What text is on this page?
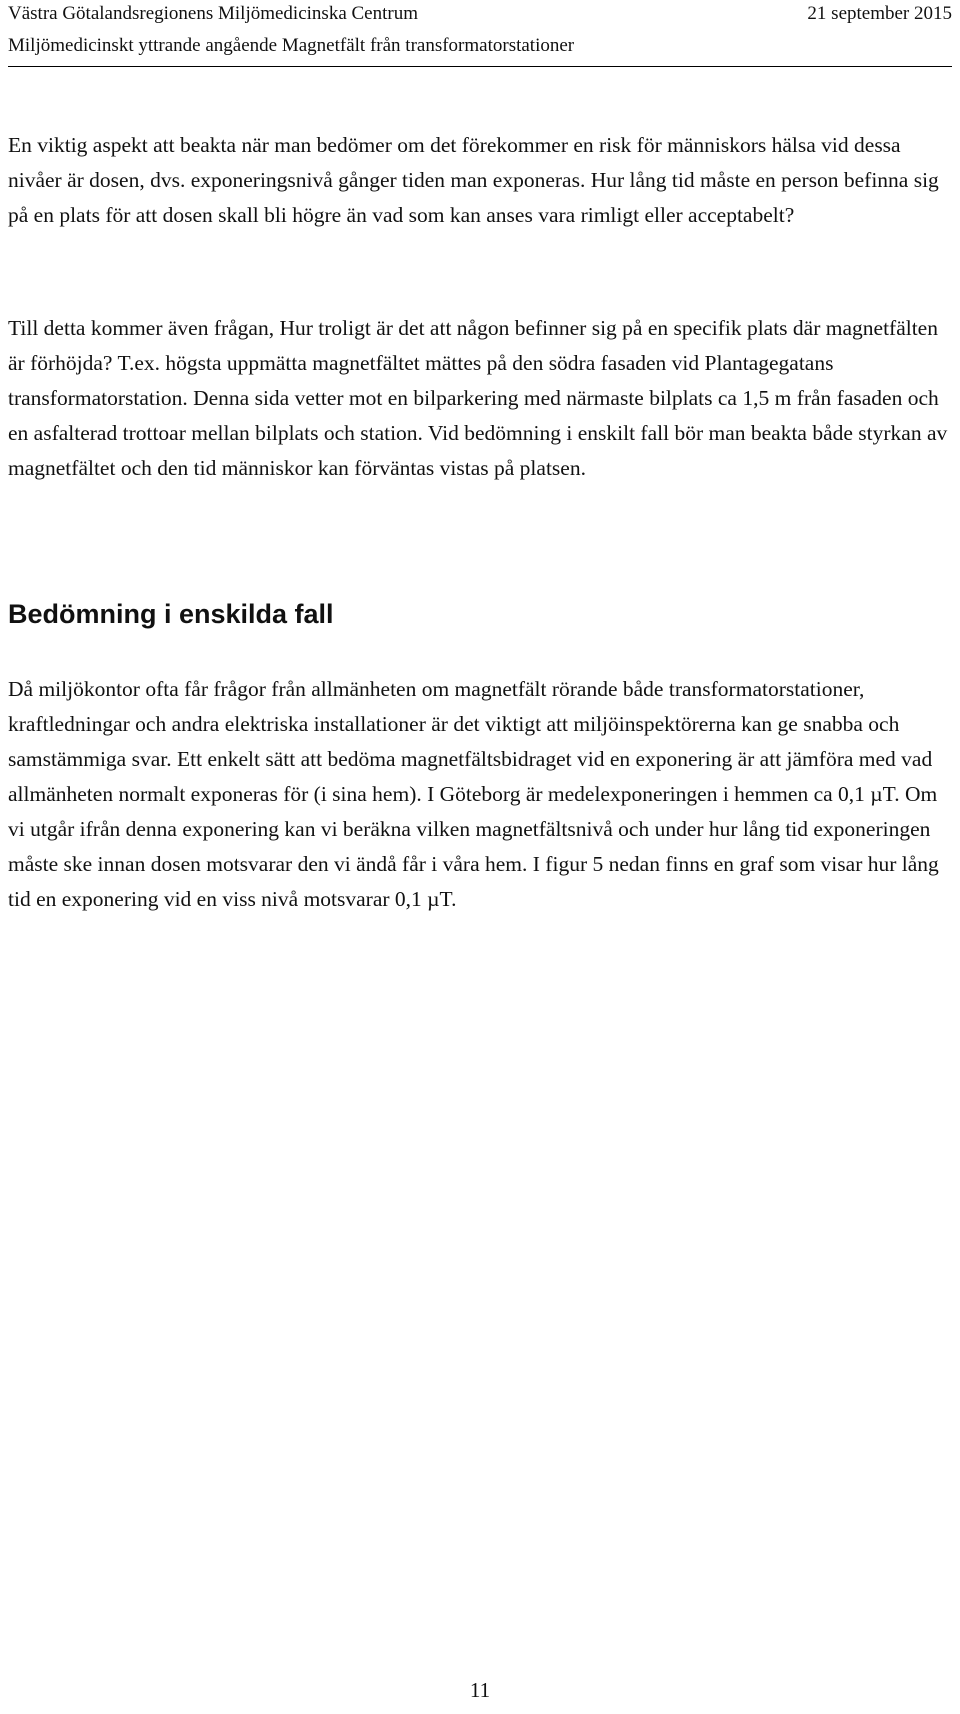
Västra Götalandsregionens Miljömedicinska Centrum	21 september 2015
Miljömedicinskt yttrande angående Magnetfält från transformatorstationer

En viktig aspekt att beakta när man bedömer om det förekommer en risk för människors hälsa vid dessa nivåer är dosen, dvs. exponeringsnivå gånger tiden man exponeras. Hur lång tid måste en person befinna sig på en plats för att dosen skall bli högre än vad som kan anses vara rimligt eller acceptabelt?

Till detta kommer även frågan, Hur troligt är det att någon befinner sig på en specifik plats där magnetfälten är förhöjda? T.ex. högsta uppmätta magnetfältet mättes på den södra fasaden vid Plantagegatans transformatorstation. Denna sida vetter mot en bilparkering med närmaste bilplats ca 1,5 m från fasaden och en asfalterad trottoar mellan bilplats och station. Vid bedömning i enskilt fall bör man beakta både styrkan av magnetfältet och den tid människor kan förväntas vistas på platsen.

Bedömning i enskilda fall

Då miljökontor ofta får frågor från allmänheten om magnetfält rörande både transformatorstationer, kraftledningar och andra elektriska installationer är det viktigt att miljöinspektörerna kan ge snabba och samstämmiga svar. Ett enkelt sätt att bedöma magnetfältsbidraget vid en exponering är att jämföra med vad allmänheten normalt exponeras för (i sina hem). I Göteborg är medelexponeringen i hemmen ca 0,1 µT. Om vi utgår ifrån denna exponering kan vi beräkna vilken magnetfältsnivå och under hur lång tid exponeringen måste ske innan dosen motsvarar den vi ändå får i våra hem. I figur 5 nedan finns en graf som visar hur lång tid en exponering vid en viss nivå motsvarar 0,1 µT.

11
